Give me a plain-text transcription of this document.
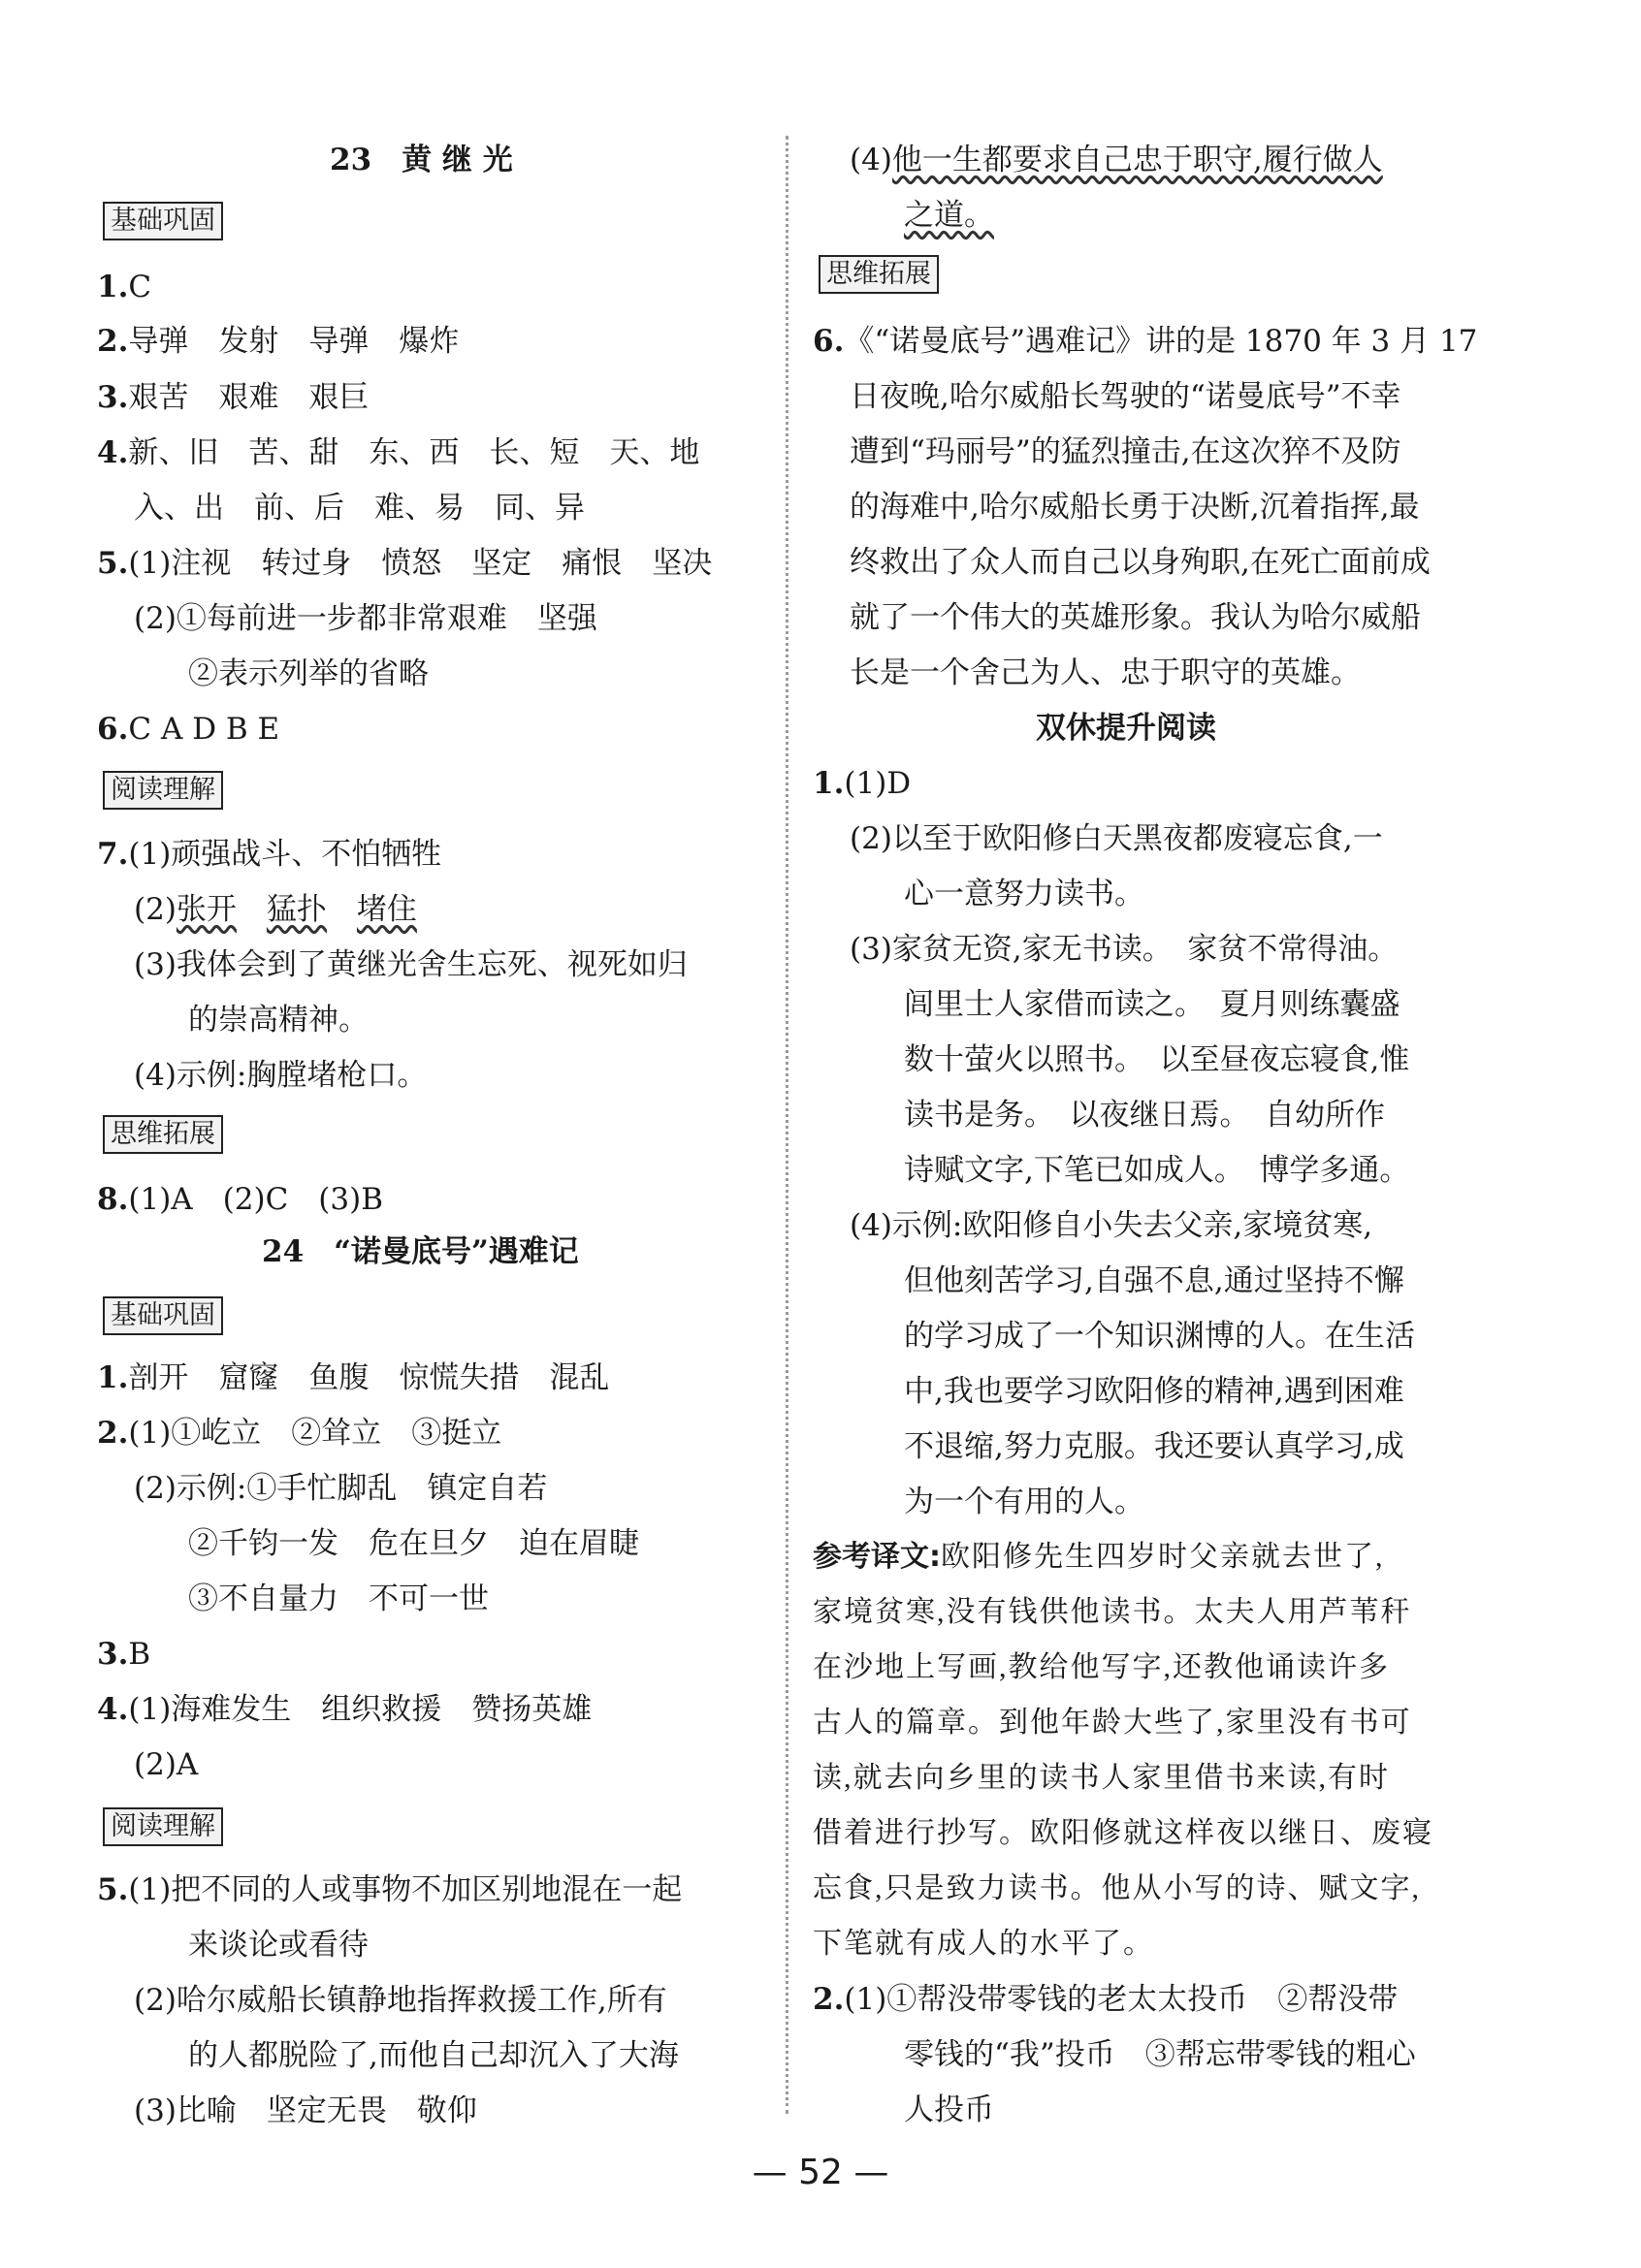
23　黄 继 光
基础巩固
1.C
2.导弹　发射　导弹　爆炸
3.艰苦　艰难　艰巨
4.新、旧　苦、甜　东、西　长、短　天、地
入、出　前、后　难、易　同、异
5.(1)注视　转过身　愤怒　坚定　痛恨　坚决
(2)①每前进一步都非常艰难　坚强
②表示列举的省略
6.C A D B E
阅读理解
7.(1)顽强战斗、不怕牺牲
(2)张开　 猛扑　 堵住
(3)我体会到了黄继光舍生忘死、视死如归
的崇高精神。
(4)示例:胸膛堵枪口。
思维拓展
8.(1)A　(2)C　(3)B
24　“诺曼底号”遇难记
基础巩固
1.剖开　窟窿　鱼腹　惊慌失措　混乱
2.(1)①屹立　②耸立　③挺立
(2)示例:①手忙脚乱　镇定自若
②千钧一发　危在旦夕　迫在眉睫
③不自量力　不可一世
3.B
4.(1)海难发生　组织救援　赞扬英雄
(2)A
阅读理解
5.(1)把不同的人或事物不加区别地混在一起
来谈论或看待
(2)哈尔威船长镇静地指挥救援工作,所有
的人都脱险了,而他自己却沉入了大海
(3)比喻　坚定无畏　敬仰
(4)他一生都要求自己忠于职守,履行做人
之道。
思维拓展
6.《“诺曼底号”遇难记》讲的是 1870 年 3 月 17
日夜晚,哈尔威船长驾驶的“诺曼底号”不幸
遭到“玛丽号”的猛烈撞击,在这次猝不及防
的海难中,哈尔威船长勇于决断,沉着指挥,最
终救出了众人而自己以身殉职,在死亡面前成
就了一个伟大的英雄形象。我认为哈尔威船
长是一个舍己为人、忠于职守的英雄。
双休提升阅读
1.(1)D
(2)以至于欧阳修白天黑夜都废寝忘食,一
心一意努力读书。
(3)家贫无资,家无书读。　家贫不常得油。
闾里士人家借而读之。　夏月则练囊盛
数十萤火以照书。　以至昼夜忘寝食,惟
读书是务。　以夜继日焉。　自幼所作
诗赋文字,下笔已如成人。　博学多通。
(4)示例:欧阳修自小失去父亲,家境贫寒,
但他刻苦学习,自强不息,通过坚持不懈
的学习成了一个知识渊博的人。在生活
中,我也要学习欧阳修的精神,遇到困难
不退缩,努力克服。我还要认真学习,成
为一个有用的人。
参考译文:欧阳修先生四岁时父亲就去世了,
家境贫寒,没有钱供他读书。太夫人用芦苇秆
在沙地上写画,教给他写字,还教他诵读许多
古人的篇章。到他年龄大些了,家里没有书可
读,就去向乡里的读书人家里借书来读,有时
借着进行抄写。欧阳修就这样夜以继日、废寝
忘食,只是致力读书。他从小写的诗、赋文字,
下笔就有成人的水平了。
2.(1)①帮没带零钱的老太太投币　②帮没带
零钱的“我”投币　③帮忘带零钱的粗心
人投币
— 52 —
